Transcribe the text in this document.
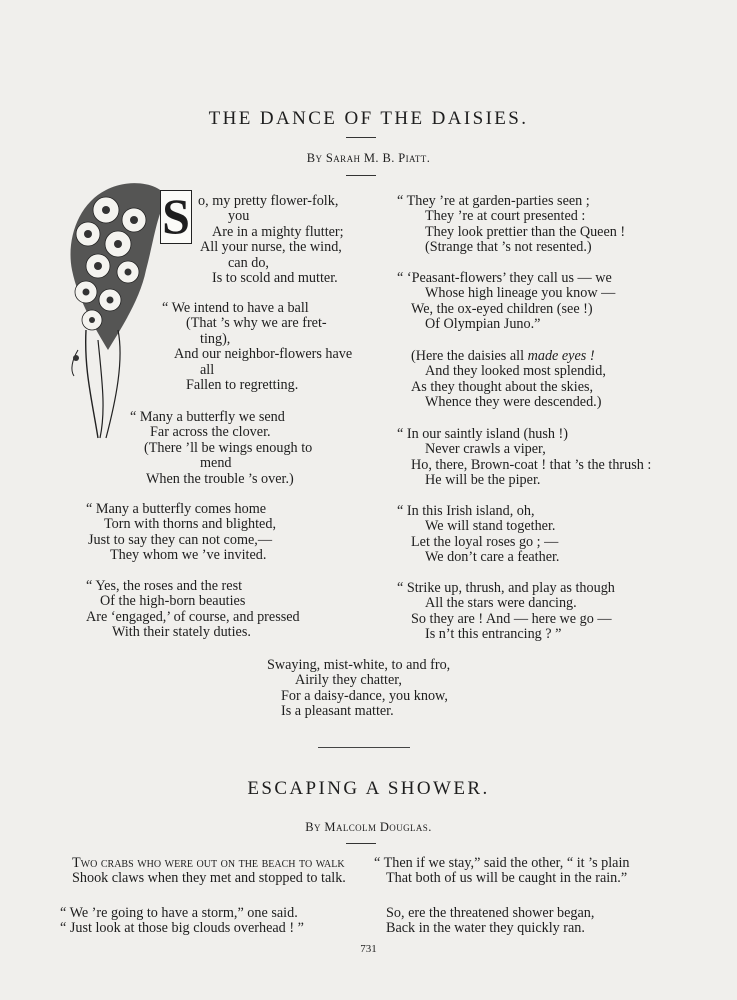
THE DANCE OF THE DAISIES.
By Sarah M. B. Piatt.
S o, my pretty flower-folk,
you
Are in a mighty flutter;
All your nurse, the wind,
can do,
Is to scold and mutter.
“ We intend to have a ball
(That ’s why we are fret-
ting),
And our neighbor-flowers have
all
Fallen to regretting.
“ Many a butterfly we send
Far across the clover.
(There ’ll be wings enough to
mend
When the trouble ’s over.)
“ Many a butterfly comes home
Torn with thorns and blighted,
Just to say they can not come,—
They whom we ’ve invited.
“ Yes, the roses and the rest
Of the high-born beauties
Are ‘engaged,’ of course, and pressed
With their stately duties.
“ They ’re at garden-parties seen ;
They ’re at court presented :
They look prettier than the Queen !
(Strange that ’s not resented.)
“ ‘Peasant-flowers’ they call us — we
Whose high lineage you know —
We, the ox-eyed children (see !)
Of Olympian Juno.”
(Here the daisies all made eyes !
And they looked most splendid,
As they thought about the skies,
Whence they were descended.)
“ In our saintly island (hush !)
Never crawls a viper,
Ho, there, Brown-coat ! that ’s the thrush :
He will be the piper.
“ In this Irish island, oh,
We will stand together.
Let the loyal roses go ; —
We don’t care a feather.
“ Strike up, thrush, and play as though
All the stars were dancing.
So they are ! And — here we go —
Is n’t this entrancing ? ”
Swaying, mist-white, to and fro,
Airily they chatter,
For a daisy-dance, you know,
Is a pleasant matter.
ESCAPING A SHOWER.
By Malcolm Douglas.
Two crabs who were out on the beach to walk
Shook claws when they met and stopped to talk.
“ We ’re going to have a storm,” one said.
“ Just look at those big clouds overhead ! ”
“ Then if we stay,” said the other, “ it ’s plain
That both of us will be caught in the rain.”
So, ere the threatened shower began,
Back in the water they quickly ran.
731
